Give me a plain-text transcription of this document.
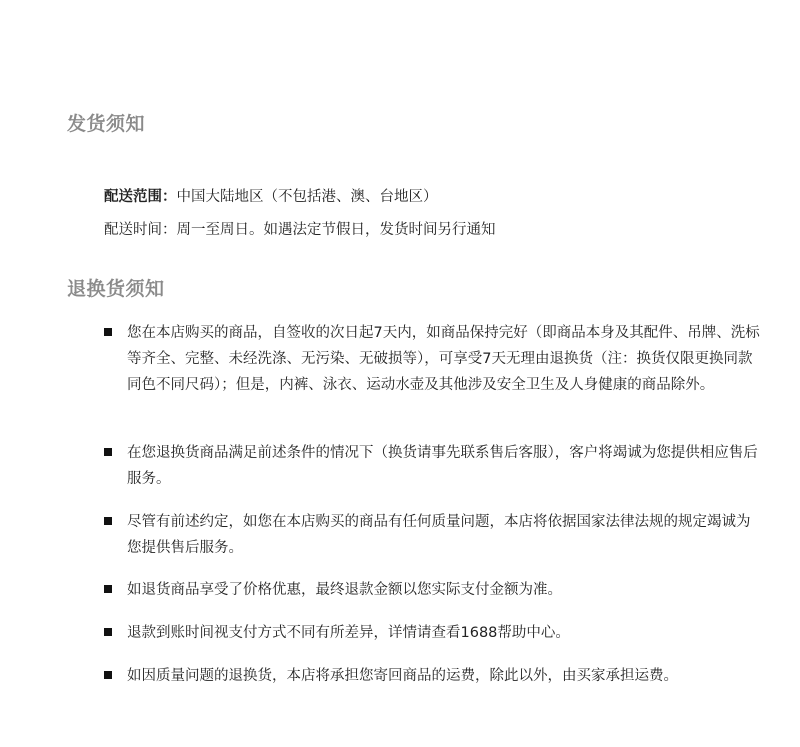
发货须知
配送范围：中国大陆地区（不包括港、澳、台地区）
配送时间：周一至周日。如遇法定节假日，发货时间另行通知
退换货须知

您在本店购买的商品，自签收的次日起7天内，如商品保持完好（即商品本身及其配件、吊牌、洗标等齐全、完整、未经洗涤、无污染、无破损等），可享受7天无理由退换货（注：换货仅限更换同款同色不同尺码）；但是，内裤、泳衣、运动水壶及其他涉及安全卫生及人身健康的商品除外。

在您退换货商品满足前述条件的情况下（换货请事先联系售后客服），客户将竭诚为您提供相应售后服务。

尽管有前述约定，如您在本店购买的商品有任何质量问题，本店将依据国家法律法规的规定竭诚为您提供售后服务。

如退货商品享受了价格优惠，最终退款金额以您实际支付金额为准。

退款到账时间视支付方式不同有所差异，详情请查看1688帮助中心。

如因质量问题的退换货，本店将承担您寄回商品的运费，除此以外，由买家承担运费。
